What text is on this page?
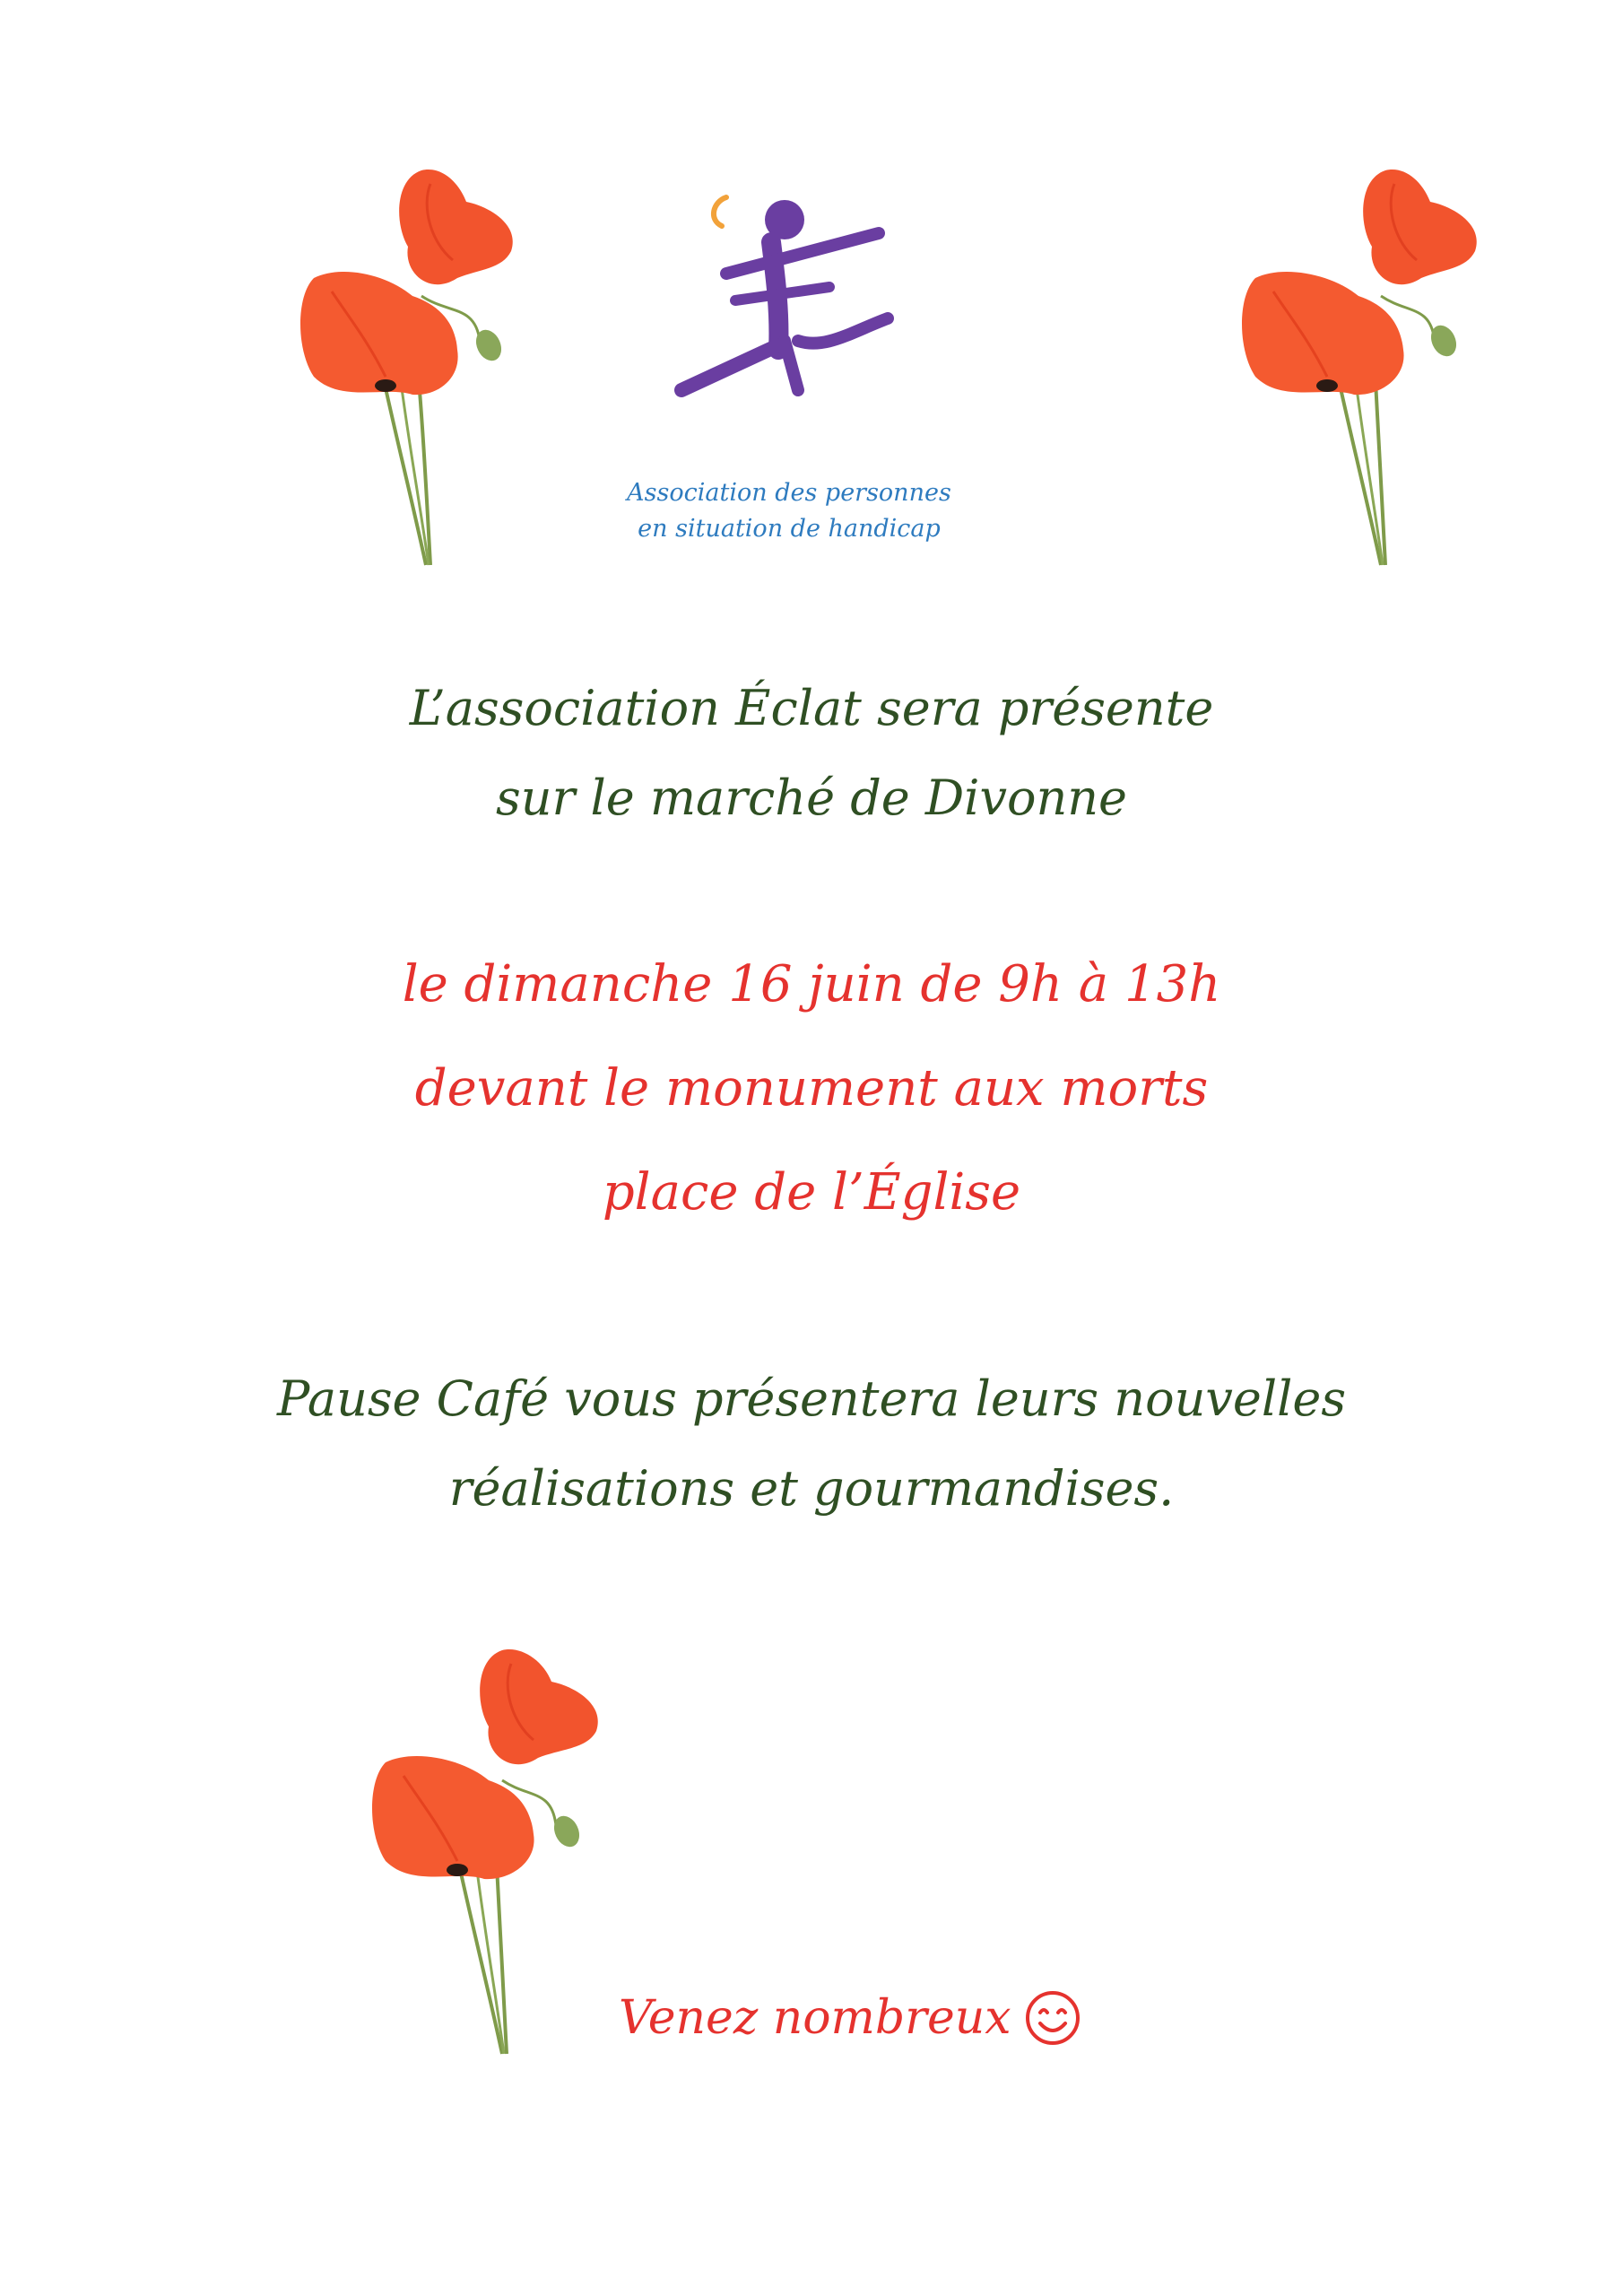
Association des personnes
en situation de handicap
L’association Éclat sera présente
sur le marché de Divonne
le dimanche 16 juin de 9h à 13h
devant le monument aux morts
place de l’Église
Pause Café vous présentera leurs nouvelles
réalisations et gourmandises.
Venez nombreux
